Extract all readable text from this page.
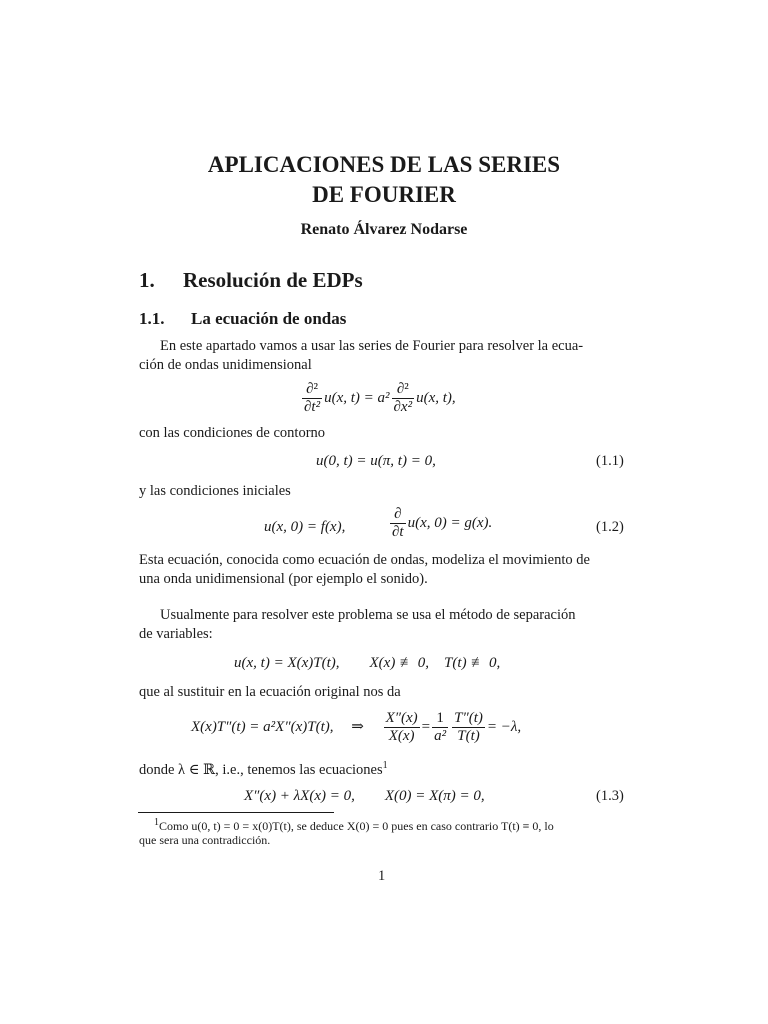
APLICACIONES DE LAS SERIES
DE FOURIER
Renato Álvarez Nodarse
1. Resolución de EDPs
1.1. La ecuación de ondas
En este apartado vamos a usar las series de Fourier para resolver la ecua-
ción de ondas unidimensional
$\frac{\text{∂²}}{\text{∂t²}} u(x$, $t) = a^2 \frac{\text{∂²}}{\text{∂x²}} u(x$, t),
con las condiciones de contorno
u(0, t) = u(π, t) = 0,	(1.1)
y las condiciones iniciales
u(x, 0) = f(x),	$\frac{\partial}{\partial t} u(x$, 0) = g(x).	(1.2)
Esta ecuación, conocida como ecuación de ondas, modeliza el movimiento de
una onda unidimensional (por ejemplo el sonido).
Usualmente para resolver este problema se usa el método de separación
de variables:
u(x, t) = X(x)T(t),        X(x) ≢ 0,    T(t) ≢ 0,
que al sustituir en la ecuación original nos da
X(x)T″(t) = a²X″(x)T(t), ⇒ $\frac{X''(x)}{X(x)} = \frac{1}{\text{a²}} \frac{T''(t)}{T(t)} = -\lambda$,
donde λ ∈ ℝ, i.e., tenemos las ecuaciones$^1$
X″(x) + λX(x) = 0,        X(0) = X(π) = 0,	(1.3)
$^1$Como u(0, t) = 0 = x(0)T(t), se deduce X(0) = 0 pues en caso contrario T(t) ≡ 0, lo
que sera una contradicción.
1
